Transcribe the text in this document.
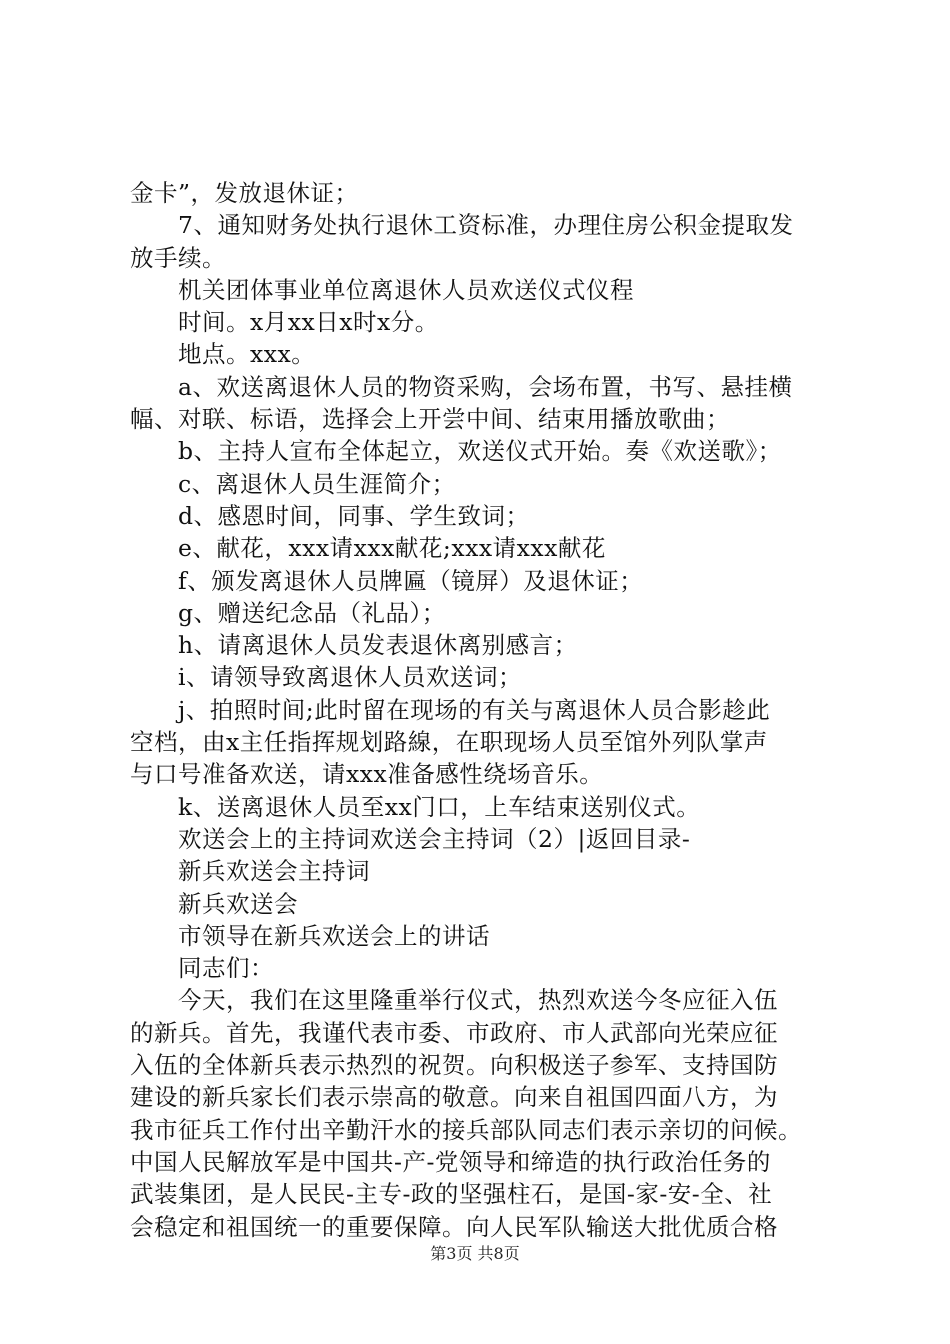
金卡”，发放退休证；
7、通知财务处执行退休工资标准，办理住房公积金提取发
放手续。
机关团体事业单位离退休人员欢送仪式仪程
时间。x月xx日x时x分。
地点。xxx。
a、欢送离退休人员的物资采购，会场布置，书写、悬挂横
幅、对联、标语，选择会上开尝中间、结束用播放歌曲；
b、主持人宣布全体起立，欢送仪式开始。奏《欢送歌》；
c、离退休人员生涯简介；
d、感恩时间，同事、学生致词；
e、献花，xxx请xxx献花;xxx请xxx献花
f、颁发离退休人员牌匾（镜屏）及退休证；
g、赠送纪念品（礼品）；
h、请离退休人员发表退休离别感言；
i、请领导致离退休人员欢送词；
j、拍照时间;此时留在现场的有关与离退休人员合影趁此
空档，由x主任指挥规划路線，在职现场人员至馆外列队掌声
与口号准备欢送，请xxx准备感性绕场音乐。
k、送离退休人员至xx门口，上车结束送别仪式。
欢送会上的主持词欢送会主持词（2）|返回目录-
新兵欢送会主持词
新兵欢送会
市领导在新兵欢送会上的讲话
同志们：
今天，我们在这里隆重举行仪式，热烈欢送今冬应征入伍
的新兵。首先，我谨代表市委、市政府、市人武部向光荣应征
入伍的全体新兵表示热烈的祝贺。向积极送子参军、支持国防
建设的新兵家长们表示崇高的敬意。向来自祖国四面八方，为
我市征兵工作付出辛勤汗水的接兵部队同志们表示亲切的问候。
中国人民解放军是中国共-产-党领导和缔造的执行政治任务的
武装集团，是人民民-主专-政的坚强柱石，是国-家-安-全、社
会稳定和祖国统一的重要保障。向人民军队输送大批优质合格
第3页 共8页
